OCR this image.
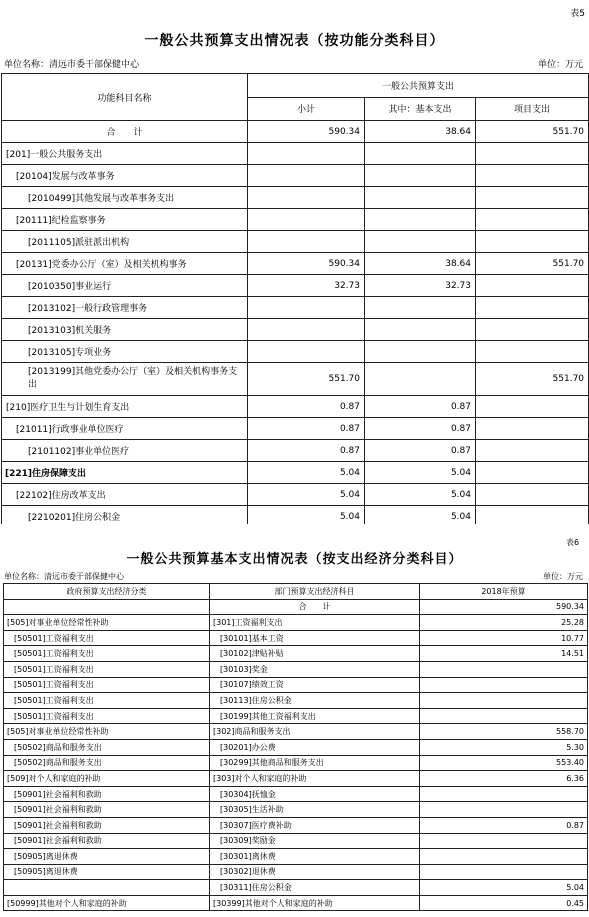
表5
一般公共预算支出情况表（按功能分类科目）
单位名称：清远市委干部保健中心	单位：万元
功能科目名称	一般公共预算支出		
	小计	其中：基本支出	项目支出
合　　计	590.34	38.64	551.70
[201]一般公共服务支出			
[20104]发展与改革事务			
[2010499]其他发展与改革事务支出			
[20111]纪检监察事务			
[2011105]派驻派出机构			
[20131]党委办公厅（室）及相关机构事务	590.34	38.64	551.70
[2010350]事业运行	32.73	32.73	
[2013102]一般行政管理事务			
[2013103]机关服务			
[2013105]专项业务			
[2013199]其他党委办公厅（室）及相关机构事务支出	551.70		551.70
[210]医疗卫生与计划生育支出	0.87	0.87	
[21011]行政事业单位医疗	0.87	0.87	
[2101102]事业单位医疗	0.87	0.87	
[221]住房保障支出	5.04	5.04	
[22102]住房改革支出	5.04	5.04	
[2210201]住房公积金	5.04	5.04	
表6
一般公共预算基本支出情况表（按支出经济分类科目）
单位名称：清远市委干部保健中心	单位：万元
政府预算支出经济分类	部门预算支出经济科目	2018年预算
	合　　计	590.34
[505]对事业单位经常性补助	[301]工资福利支出	25.28
[50501]工资福利支出	[30101]基本工资	10.77
[50501]工资福利支出	[30102]津贴补贴	14.51
[50501]工资福利支出	[30103]奖金	
[50501]工资福利支出	[30107]绩效工资	
[50501]工资福利支出	[30113]住房公积金	
[50501]工资福利支出	[30199]其他工资福利支出	
[505]对事业单位经常性补助	[302]商品和服务支出	558.70
[50502]商品和服务支出	[30201]办公费	5.30
[50502]商品和服务支出	[30299]其他商品和服务支出	553.40
[509]对个人和家庭的补助	[303]对个人和家庭的补助	6.36
[50901]社会福利和救助	[30304]抚恤金	
[50901]社会福利和救助	[30305]生活补助	
[50901]社会福利和救助	[30307]医疗费补助	0.87
[50901]社会福利和救助	[30309]奖励金	
[50905]离退休费	[30301]离休费	
[50905]离退休费	[30302]退休费	
	[30311]住房公积金	5.04
[50999]其他对个人和家庭的补助	[30399]其他对个人和家庭的补助	0.45
